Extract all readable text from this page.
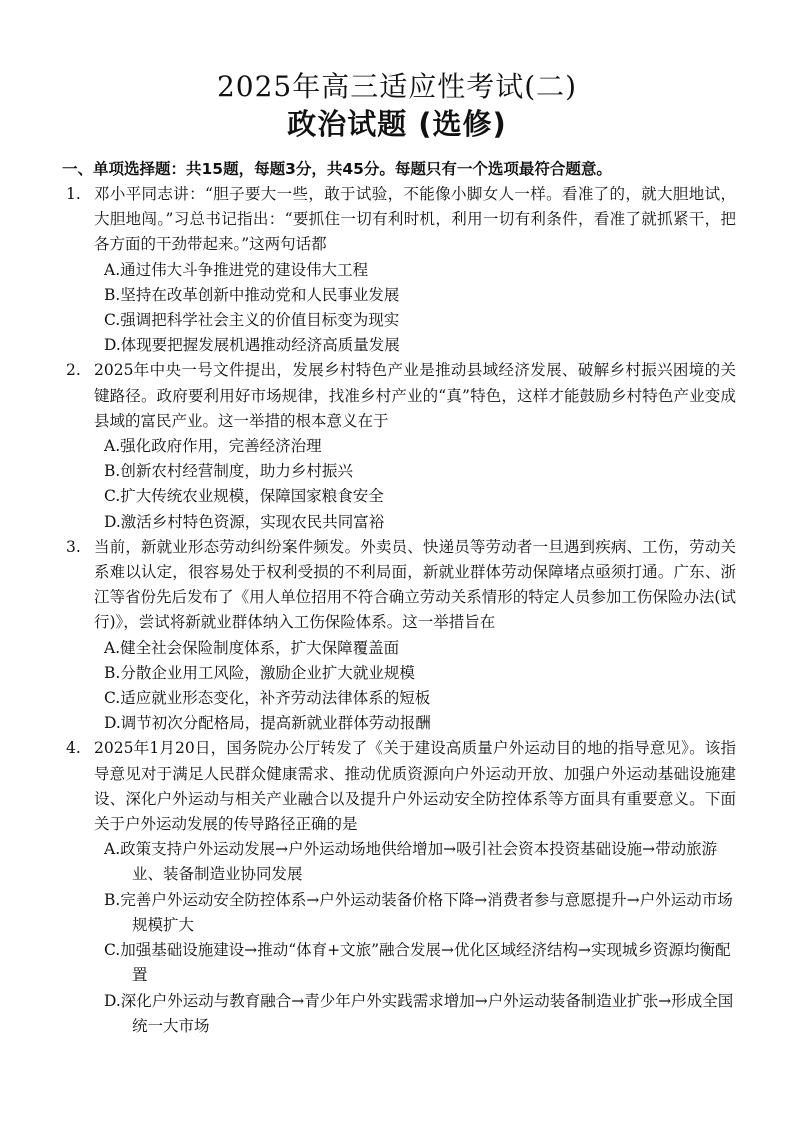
2025年高三适应性考试(二)
政治试题 (选修)
一、单项选择题：共15题，每题3分，共45分。每题只有一个选项最符合题意。
1. 邓小平同志讲：“胆子要大一些，敢于试验，不能像小脚女人一样。看准了的，就大胆地试，大胆地闯。”习总书记指出：“要抓住一切有利时机，利用一切有利条件，看准了就抓紧干，把各方面的干劲带起来。”这两句话都
A.通过伟大斗争推进党的建设伟大工程
B.坚持在改革创新中推动党和人民事业发展
C.强调把科学社会主义的价值目标变为现实
D.体现要把握发展机遇推动经济高质量发展
2. 2025年中央一号文件提出，发展乡村特色产业是推动县域经济发展、破解乡村振兴困境的关键路径。政府要利用好市场规律，找准乡村产业的“真”特色，这样才能鼓励乡村特色产业变成县域的富民产业。这一举措的根本意义在于
A.强化政府作用，完善经济治理
B.创新农村经营制度，助力乡村振兴
C.扩大传统农业规模，保障国家粮食安全
D.激活乡村特色资源，实现农民共同富裕
3. 当前，新就业形态劳动纠纷案件频发。外卖员、快递员等劳动者一旦遇到疾病、工伤，劳动关系难以认定，很容易处于权利受损的不利局面，新就业群体劳动保障堵点亟须打通。广东、浙江等省份先后发布了《用人单位招用不符合确立劳动关系情形的特定人员参加工伤保险办法(试行)》，尝试将新就业群体纳入工伤保险体系。这一举措旨在
A.健全社会保险制度体系，扩大保障覆盖面
B.分散企业用工风险，激励企业扩大就业规模
C.适应就业形态变化，补齐劳动法律体系的短板
D.调节初次分配格局，提高新就业群体劳动报酬
4. 2025年1月20日，国务院办公厅转发了《关于建设高质量户外运动目的地的指导意见》。该指导意见对于满足人民群众健康需求、推动优质资源向户外运动开放、加强户外运动基础设施建设、深化户外运动与相关产业融合以及提升户外运动安全防控体系等方面具有重要意义。下面关于户外运动发展的传导路径正确的是
A.政策支持户外运动发展→户外运动场地供给增加→吸引社会资本投资基础设施→带动旅游业、装备制造业协同发展
B.完善户外运动安全防控体系→户外运动装备价格下降→消费者参与意愿提升→户外运动市场规模扩大
C.加强基础设施建设→推动“体育+文旅”融合发展→优化区域经济结构→实现城乡资源均衡配置
D.深化户外运动与教育融合→青少年户外实践需求增加→户外运动装备制造业扩张→形成全国统一大市场
